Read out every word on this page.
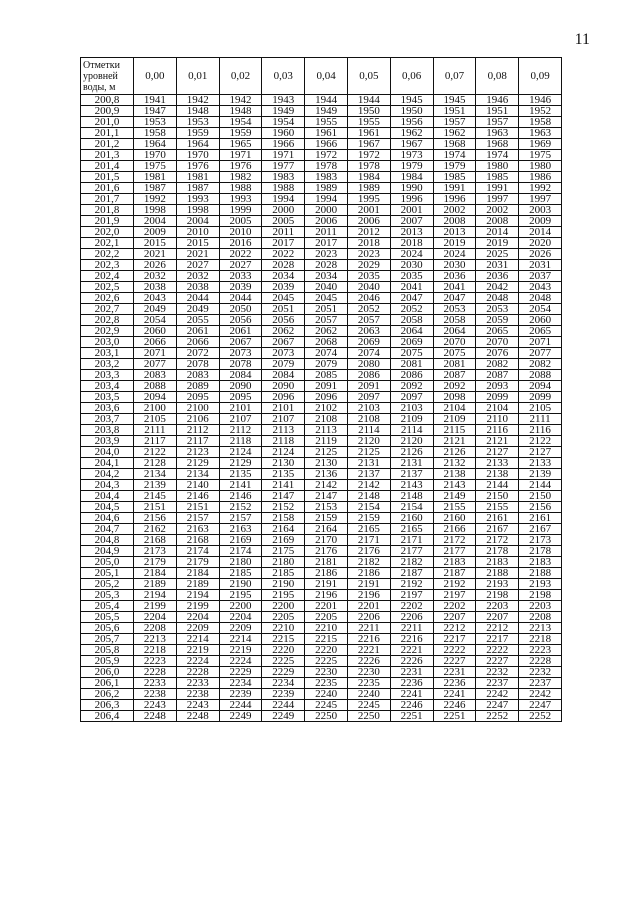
11
Отметки уровней воды, м	0,00	0,01	0,02	0,03	0,04	0,05	0,06	0,07	0,08	0,09
200,8	1941	1942	1942	1943	1944	1944	1945	1945	1946	1946
200,9	1947	1948	1948	1949	1949	1950	1950	1951	1951	1952
201,0	1953	1953	1954	1954	1955	1955	1956	1957	1957	1958
201,1	1958	1959	1959	1960	1961	1961	1962	1962	1963	1963
201,2	1964	1964	1965	1966	1966	1967	1967	1968	1968	1969
201,3	1970	1970	1971	1971	1972	1972	1973	1974	1974	1975
201,4	1975	1976	1976	1977	1978	1978	1979	1979	1980	1980
201,5	1981	1981	1982	1983	1983	1984	1984	1985	1985	1986
201,6	1987	1987	1988	1988	1989	1989	1990	1991	1991	1992
201,7	1992	1993	1993	1994	1994	1995	1996	1996	1997	1997
201,8	1998	1998	1999	2000	2000	2001	2001	2002	2002	2003
201,9	2004	2004	2005	2005	2006	2006	2007	2008	2008	2009
202,0	2009	2010	2010	2011	2011	2012	2013	2013	2014	2014
202,1	2015	2015	2016	2017	2017	2018	2018	2019	2019	2020
202,2	2021	2021	2022	2022	2023	2023	2024	2024	2025	2026
202,3	2026	2027	2027	2028	2028	2029	2030	2030	2031	2031
202,4	2032	2032	2033	2034	2034	2035	2035	2036	2036	2037
202,5	2038	2038	2039	2039	2040	2040	2041	2041	2042	2043
202,6	2043	2044	2044	2045	2045	2046	2047	2047	2048	2048
202,7	2049	2049	2050	2051	2051	2052	2052	2053	2053	2054
202,8	2054	2055	2056	2056	2057	2057	2058	2058	2059	2060
202,9	2060	2061	2061	2062	2062	2063	2064	2064	2065	2065
203,0	2066	2066	2067	2067	2068	2069	2069	2070	2070	2071
203,1	2071	2072	2073	2073	2074	2074	2075	2075	2076	2077
203,2	2077	2078	2078	2079	2079	2080	2081	2081	2082	2082
203,3	2083	2083	2084	2084	2085	2086	2086	2087	2087	2088
203,4	2088	2089	2090	2090	2091	2091	2092	2092	2093	2094
203,5	2094	2095	2095	2096	2096	2097	2097	2098	2099	2099
203,6	2100	2100	2101	2101	2102	2103	2103	2104	2104	2105
203,7	2105	2106	2107	2107	2108	2108	2109	2109	2110	2111
203,8	2111	2112	2112	2113	2113	2114	2114	2115	2116	2116
203,9	2117	2117	2118	2118	2119	2120	2120	2121	2121	2122
204,0	2122	2123	2124	2124	2125	2125	2126	2126	2127	2127
204,1	2128	2129	2129	2130	2130	2131	2131	2132	2133	2133
204,2	2134	2134	2135	2135	2136	2137	2137	2138	2138	2139
204,3	2139	2140	2141	2141	2142	2142	2143	2143	2144	2144
204,4	2145	2146	2146	2147	2147	2148	2148	2149	2150	2150
204,5	2151	2151	2152	2152	2153	2154	2154	2155	2155	2156
204,6	2156	2157	2157	2158	2159	2159	2160	2160	2161	2161
204,7	2162	2163	2163	2164	2164	2165	2165	2166	2167	2167
204,8	2168	2168	2169	2169	2170	2171	2171	2172	2172	2173
204,9	2173	2174	2174	2175	2176	2176	2177	2177	2178	2178
205,0	2179	2179	2180	2180	2181	2182	2182	2183	2183	2183
205,1	2184	2184	2185	2185	2186	2186	2187	2187	2188	2188
205,2	2189	2189	2190	2190	2191	2191	2192	2192	2193	2193
205,3	2194	2194	2195	2195	2196	2196	2197	2197	2198	2198
205,4	2199	2199	2200	2200	2201	2201	2202	2202	2203	2203
205,5	2204	2204	2204	2205	2205	2206	2206	2207	2207	2208
205,6	2208	2209	2209	2210	2210	2211	2211	2212	2212	2213
205,7	2213	2214	2214	2215	2215	2216	2216	2217	2217	2218
205,8	2218	2219	2219	2220	2220	2221	2221	2222	2222	2223
205,9	2223	2224	2224	2225	2225	2226	2226	2227	2227	2228
206,0	2228	2228	2229	2229	2230	2230	2231	2231	2232	2232
206,1	2233	2233	2234	2234	2235	2235	2236	2236	2237	2237
206,2	2238	2238	2239	2239	2240	2240	2241	2241	2242	2242
206,3	2243	2243	2244	2244	2245	2245	2246	2246	2247	2247
206,4	2248	2248	2249	2249	2250	2250	2251	2251	2252	2252
